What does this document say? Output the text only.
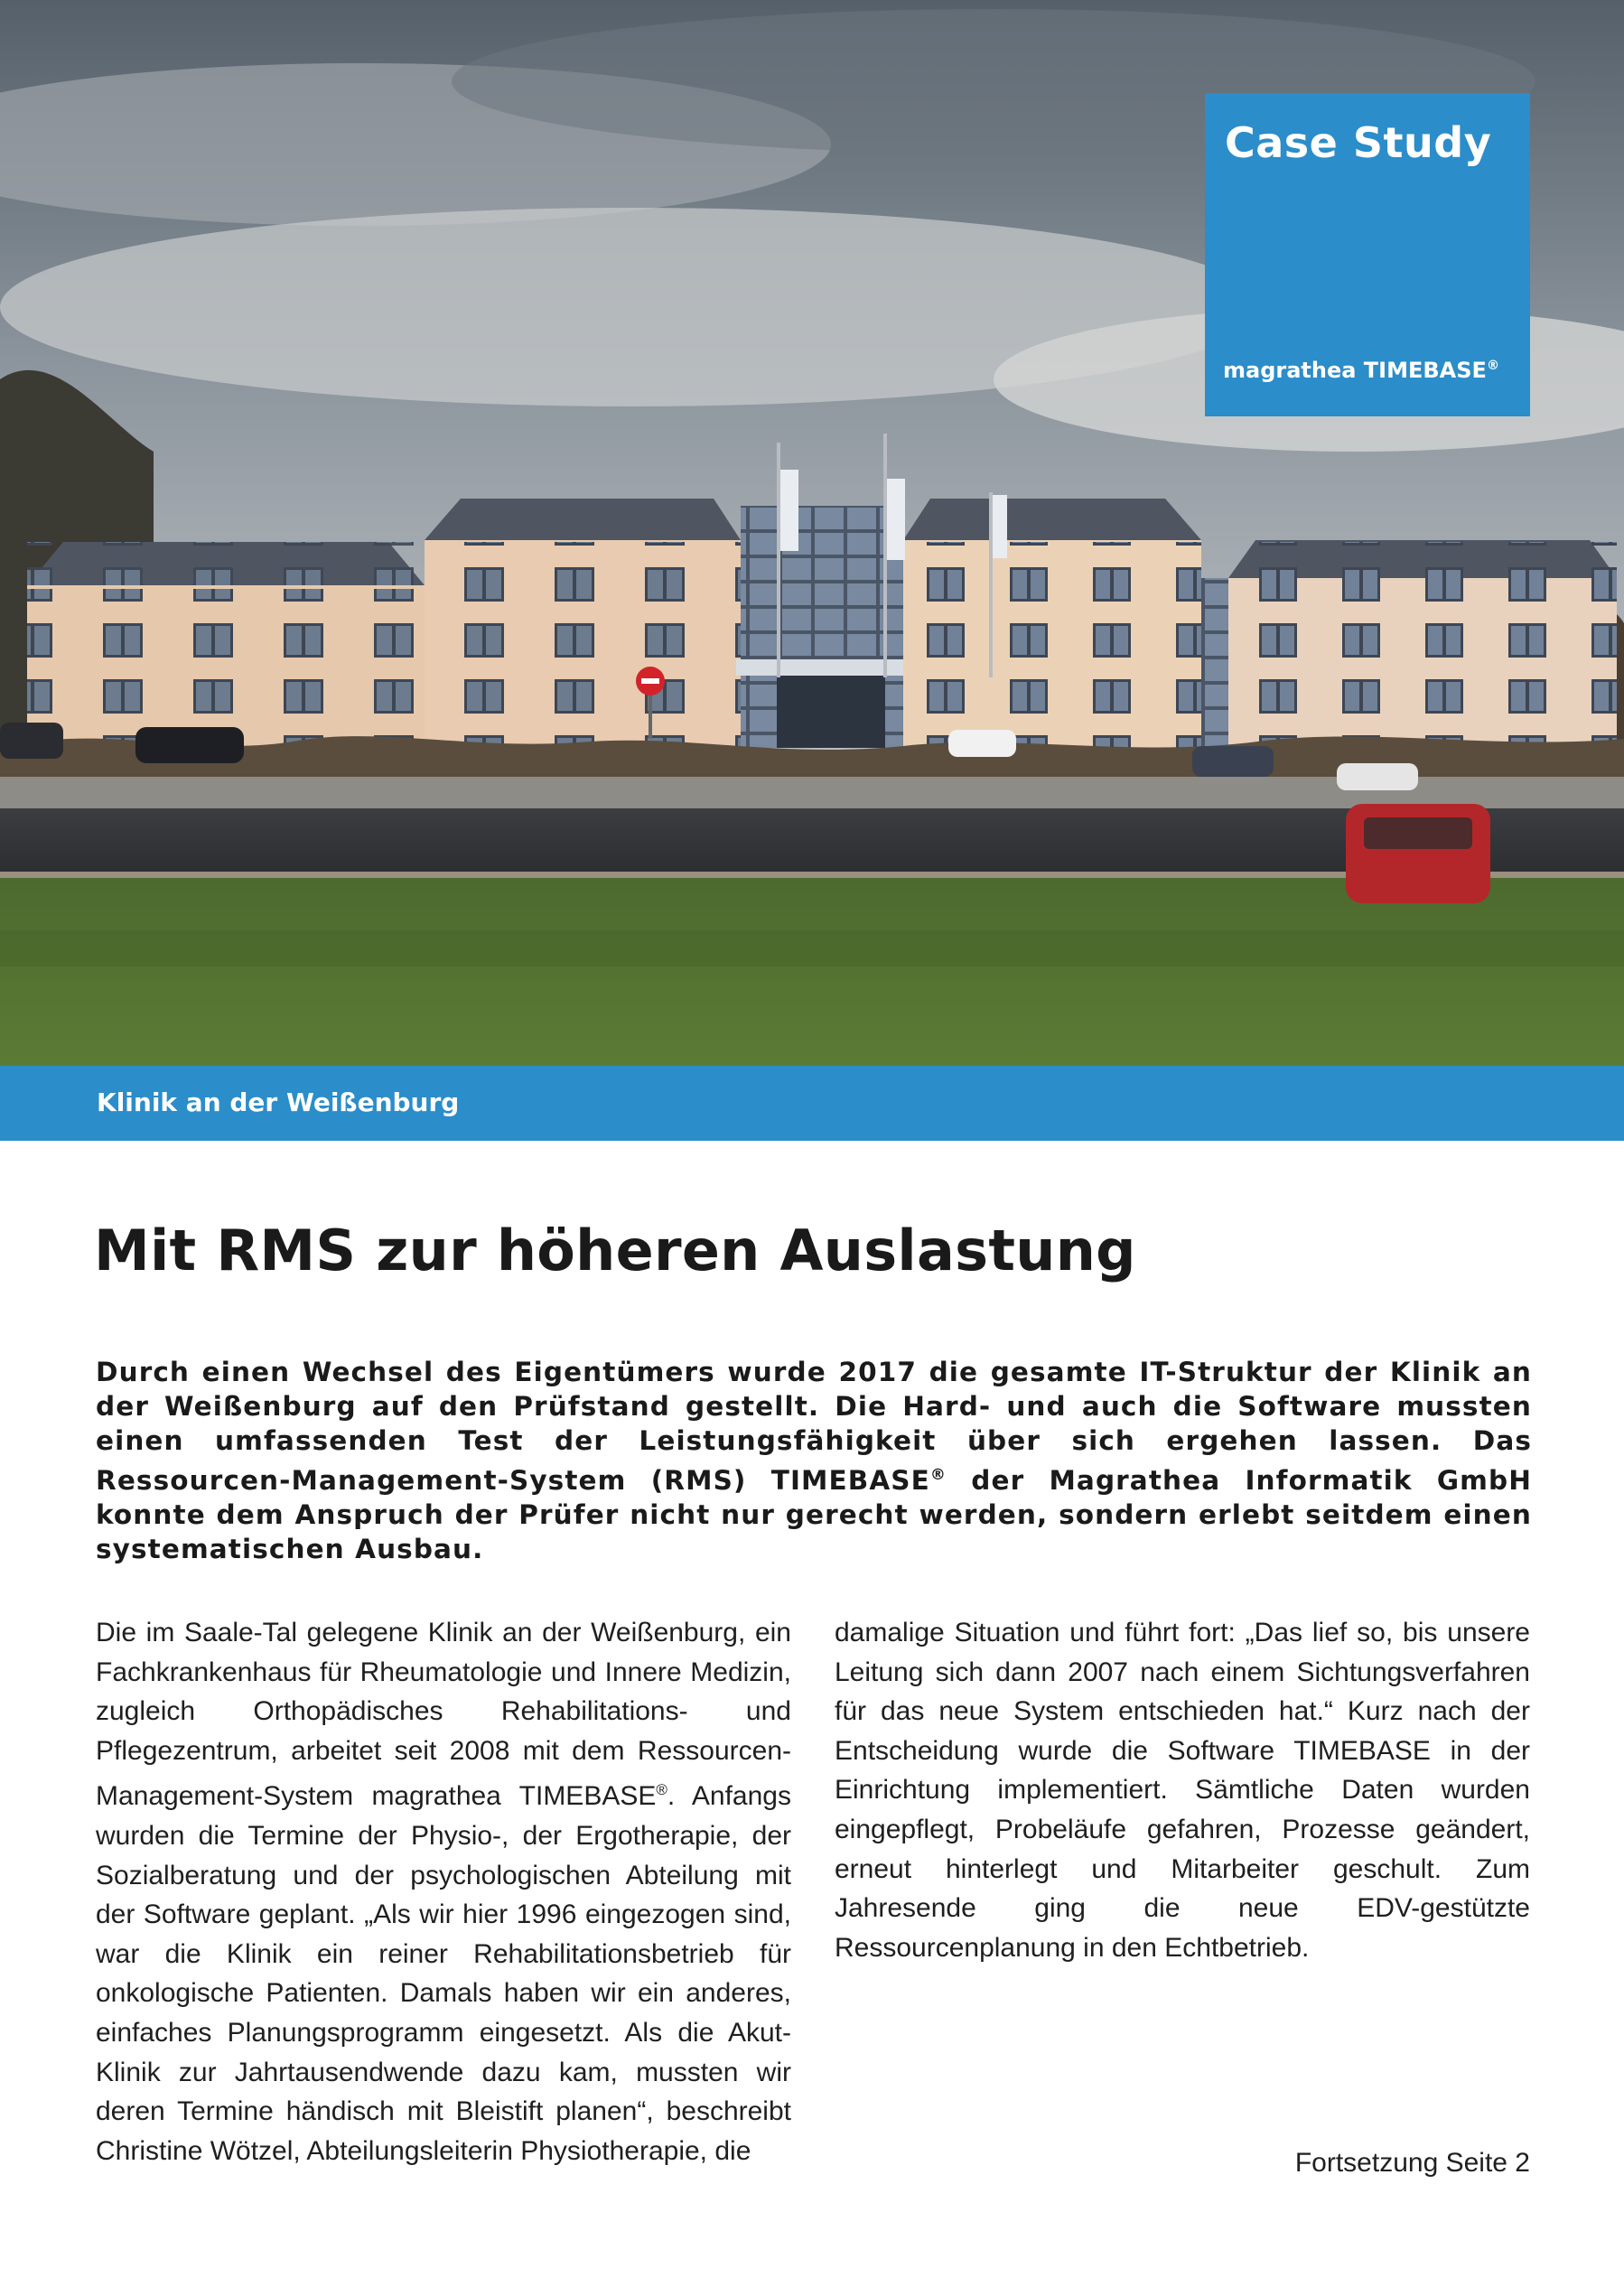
Case Study

magrathea TIMEBASE®

Klinik an der Weißenburg

Mit RMS zur höheren Auslastung

Durch einen Wechsel des Eigentümers wurde 2017 die gesamte IT-Struktur der Klinik an der Weißenburg auf den Prüfstand gestellt. Die Hard- und auch die Software mussten einen umfassenden Test der Leistungsfähigkeit über sich ergehen lassen. Das Ressourcen-Management-System (RMS) TIMEBASE® der Magrathea Informatik GmbH konnte dem Anspruch der Prüfer nicht nur gerecht werden, sondern erlebt seitdem einen systematischen Ausbau.

Die im Saale-Tal gelegene Klinik an der Weißenburg, ein Fachkrankenhaus für Rheumatologie und Innere Medizin, zugleich Orthopädisches Rehabilitations- und Pflegezentrum, arbeitet seit 2008 mit dem Ressourcen-Management-System magrathea TIMEBASE®. Anfangs wurden die Termine der Physio-, der Ergotherapie, der Sozialberatung und der psychologischen Abteilung mit der Software geplant. „Als wir hier 1996 eingezogen sind, war die Klinik ein reiner Rehabilitationsbetrieb für onkologische Patienten. Damals haben wir ein anderes, einfaches Planungsprogramm eingesetzt. Als die Akut-Klinik zur Jahrtausendwende dazu kam, mussten wir deren Termine händisch mit Bleistift planen“, beschreibt Christine Wötzel, Abteilungsleiterin Physiotherapie, die

damalige Situation und führt fort: „Das lief so, bis unsere Leitung sich dann 2007 nach einem Sichtungsverfahren für das neue System entschieden hat.“ Kurz nach der Entscheidung wurde die Software TIMEBASE in der Einrichtung implementiert. Sämtliche Daten wurden eingepflegt, Probeläufe gefahren, Prozesse geändert, erneut hinterlegt und Mitarbeiter geschult. Zum Jahresende ging die neue EDV-gestützte Ressourcenplanung in den Echtbetrieb.

Fortsetzung Seite 2
